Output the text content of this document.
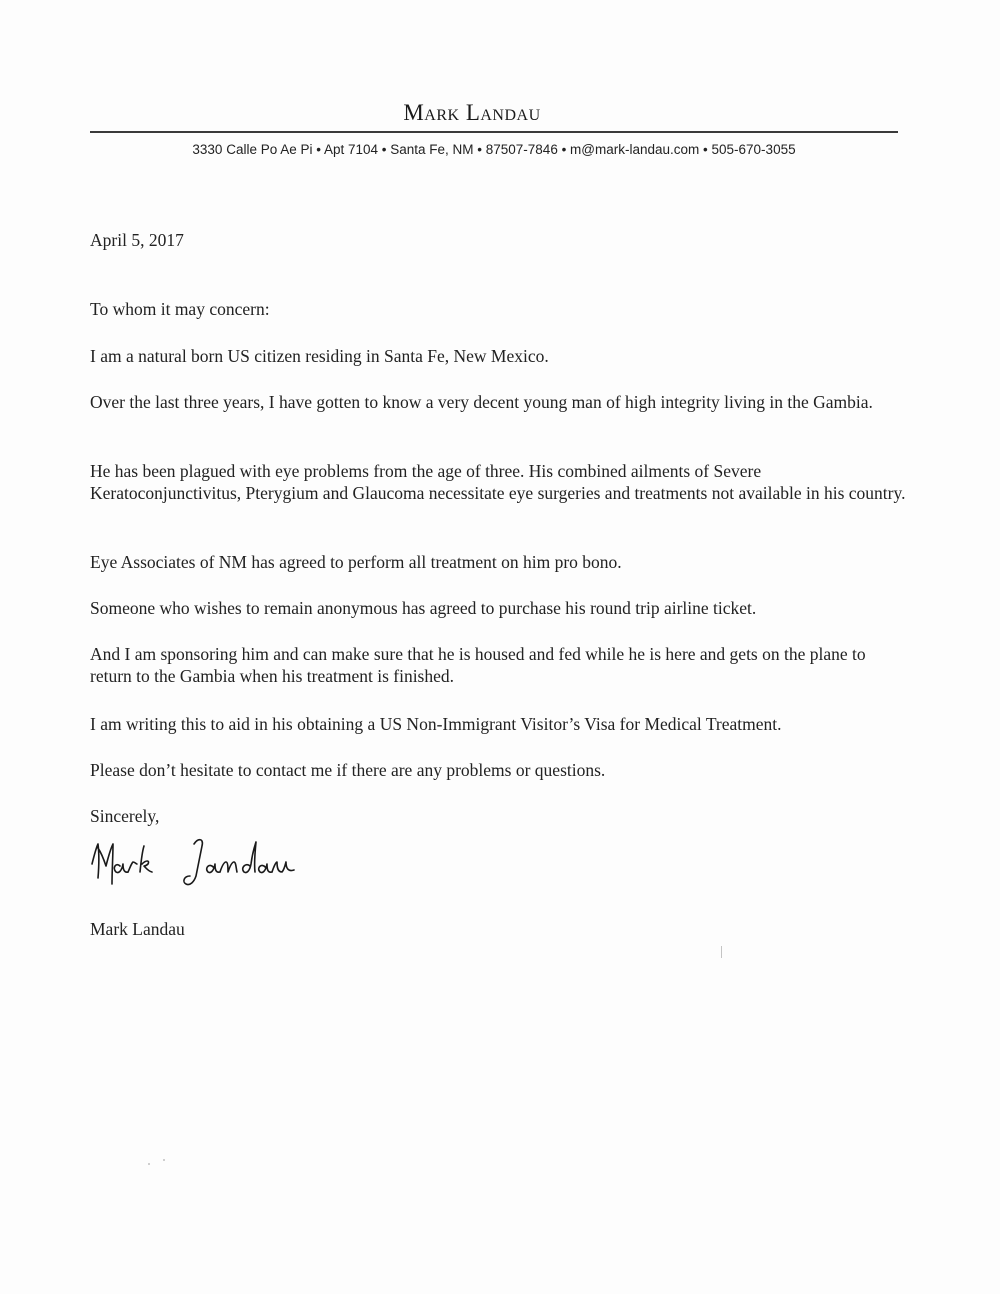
Mark Landau
3330 Calle Po Ae Pi • Apt 7104 • Santa Fe, NM • 87507-7846 • m@mark-landau.com • 505-670-3055

April 5, 2017

To whom it may concern:

I am a natural born US citizen residing in Santa Fe, New Mexico.

Over the last three years, I have gotten to know a very decent young man of high integrity living in the Gambia.

He has been plagued with eye problems from the age of three. His combined ailments of Severe Keratoconjunctivitus, Pterygium and Glaucoma necessitate eye surgeries and treatments not available in his country.

Eye Associates of NM has agreed to perform all treatment on him pro bono.

Someone who wishes to remain anonymous has agreed to purchase his round trip airline ticket.

And I am sponsoring him and can make sure that he is housed and fed while he is here and gets on the plane to return to the Gambia when his treatment is finished.

I am writing this to aid in his obtaining a US Non-Immigrant Visitor’s Visa for Medical Treatment.

Please don’t hesitate to contact me if there are any problems or questions.

Sincerely,

Mark Landau
